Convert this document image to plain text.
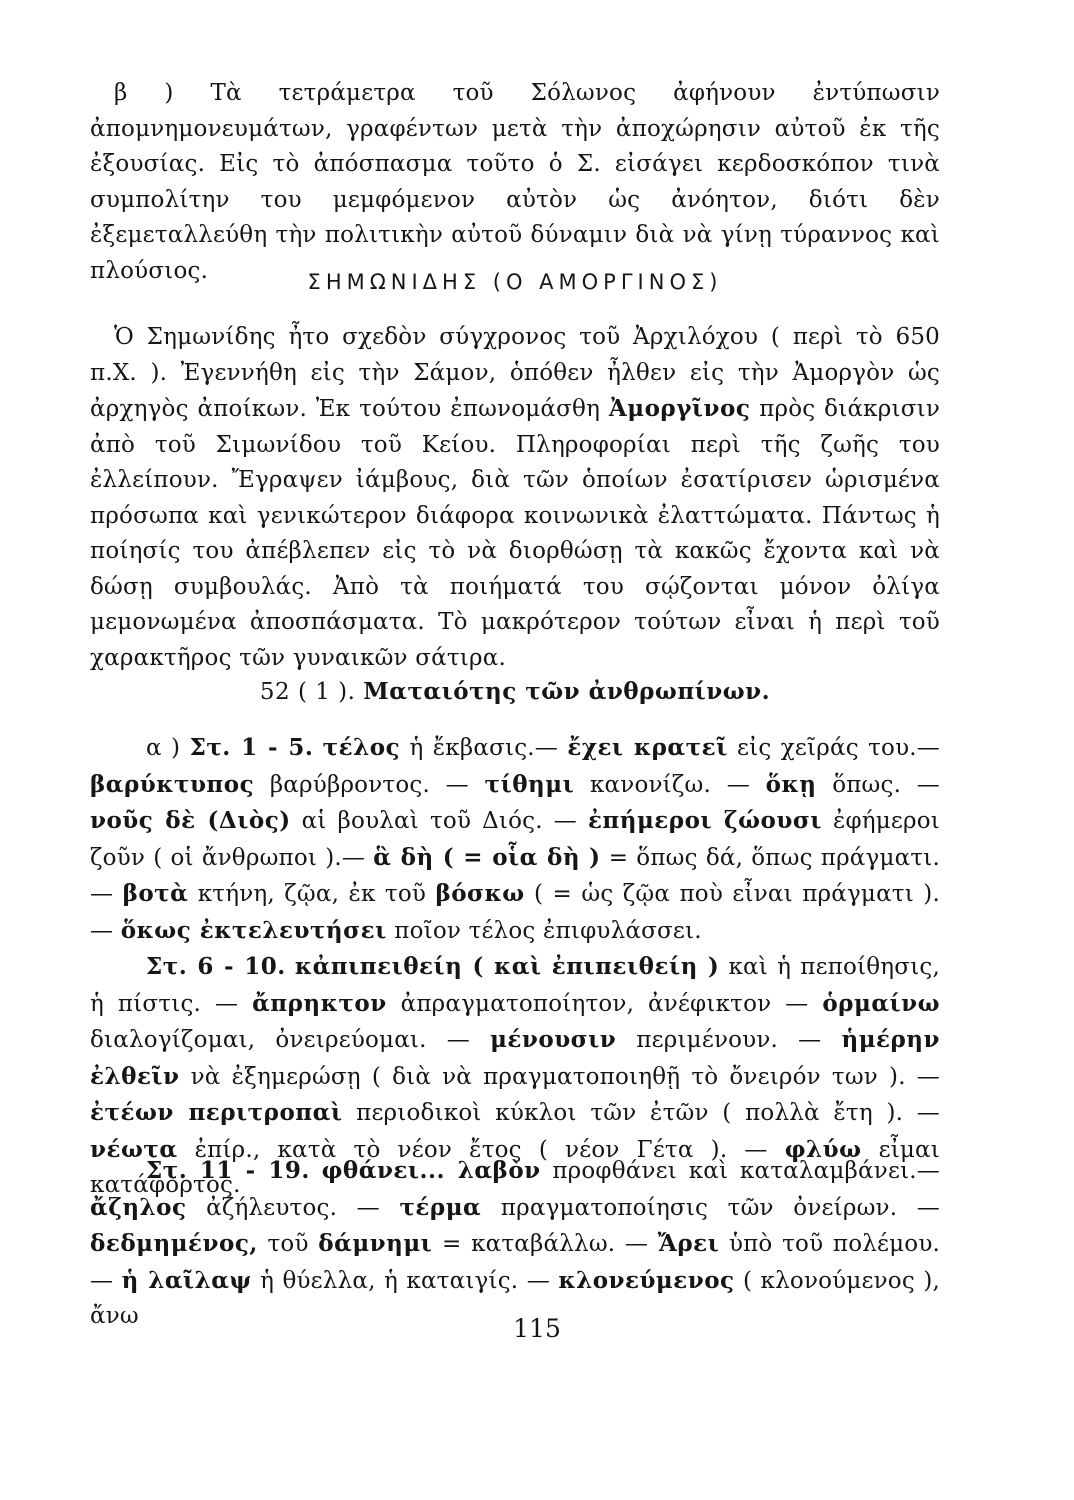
β ) Τὰ τετράμετρα τοῦ Σόλωνος ἀφήνουν ἐντύπωσιν ἀπομνημονευμάτων, γραφέντων μετὰ τὴν ἀποχώρησιν αὐτοῦ ἐκ τῆς ἐξουσίας. Εἰς τὸ ἀπόσπασμα τοῦτο ὁ Σ. εἰσάγει κερδοσκόπον τινὰ συμπολίτην του μεμφόμενον αὐτὸν ὡς ἀνόητον, διότι δὲν ἐξεμεταλλεύθη τὴν πολιτικὴν αὐτοῦ δύναμιν διὰ νὰ γίνῃ τύραννος καὶ πλούσιος.	ΣΗΜΩΝΙΔΗΣ (Ο ΑΜΟΡΓΙΝΟΣ)

Ὁ Σημωνίδης ἦτο σχεδὸν σύγχρονος τοῦ Ἀρχιλόχου ( περὶ τὸ 650 π.Χ. ). Ἐγεννήθη εἰς τὴν Σάμον, ὁπόθεν ἦλθεν εἰς τὴν Ἀμοργὸν ὡς ἀρχηγὸς ἀποίκων. Ἐκ τούτου ἐπωνομάσθη Ἀμοργῖνος πρὸς διάκρισιν ἀπὸ τοῦ Σιμωνίδου τοῦ Κείου. Πληροφορίαι περὶ τῆς ζωῆς του ἐλλείπουν. Ἔγραψεν ἰάμβους, διὰ τῶν ὁποίων ἐσατίρισεν ὡρισμένα πρόσωπα καὶ γενικώτερον διάφορα κοινωνικὰ ἐλαττώματα. Πάντως ἡ ποίησίς του ἀπέβλεπεν εἰς τὸ νὰ διορθώσῃ τὰ κακῶς ἔχοντα καὶ νὰ δώσῃ συμβουλάς. Ἀπὸ τὰ ποιήματά του σῴζονται μόνον ὀλίγα μεμονωμένα ἀποσπάσματα. Τὸ μακρότερον τούτων εἶναι ἡ περὶ τοῦ χαρακτῆρος τῶν γυναικῶν σάτιρα.

52 ( 1 ). Ματαιότης τῶν ἀνθρωπίνων.

α ) Στ. 1 - 5. τέλος ἡ ἔκβασις.— ἔχει κρατεῖ εἰς χεῖράς του.— βαρύκτυπος βαρύβροντος. — τίθημι κανονίζω. — ὅκῃ ὅπως. — νοῦς δὲ (Διὸς) αἱ βουλαὶ τοῦ Διός. — ἐπήμεροι ζώουσι ἐφήμεροι ζοῦν ( οἱ ἄνθρωποι ).— ἃ δὴ ( = οἷα δὴ ) = ὅπως δά, ὅπως πράγματι.— βοτὰ κτήνη, ζῷα, ἐκ τοῦ βόσκω ( = ὡς ζῷα ποὺ εἶναι πράγματι ). — ὅκως ἐκτελευτήσει ποῖον τέλος ἐπιφυλάσσει.

Στ. 6 - 10. κἀπιπειθείη ( καὶ ἐπιπειθείη ) καὶ ἡ πεποίθησις, ἡ πίστις. — ἄπρηκτον ἀπραγματοποίητον, ἀνέφικτον — ὁρμαίνω διαλογίζομαι, ὀνειρεύομαι. — μένουσιν περιμένουν. — ἡμέρην ἐλθεῖν νὰ ἐξημερώσῃ ( διὰ νὰ πραγματοποιηθῇ τὸ ὄνειρόν των ). — ἐτέων περιτροπαὶ περιοδικοὶ κύκλοι τῶν ἐτῶν ( πολλὰ ἔτη ). — νέωτα ἐπίρ., κατὰ τὸ νέον ἔτος ( νέον Γέτα ). — φλύω εἶμαι κατάφορτος.

Στ. 11 - 19. φθάνει... λαβὸν προφθάνει καὶ καταλαμβάνει.— ἄζηλος ἀζήλευτος. — τέρμα πραγματοποίησις τῶν ὀνείρων. — δεδμημένος, τοῦ δάμνημι = καταβάλλω. — Ἄρει ὑπὸ τοῦ πολέμου. — ἡ λαῖλαψ ἡ θύελλα, ἡ καταιγίς. — κλονεύμενος ( κλονούμενος ), ἄνω	115
